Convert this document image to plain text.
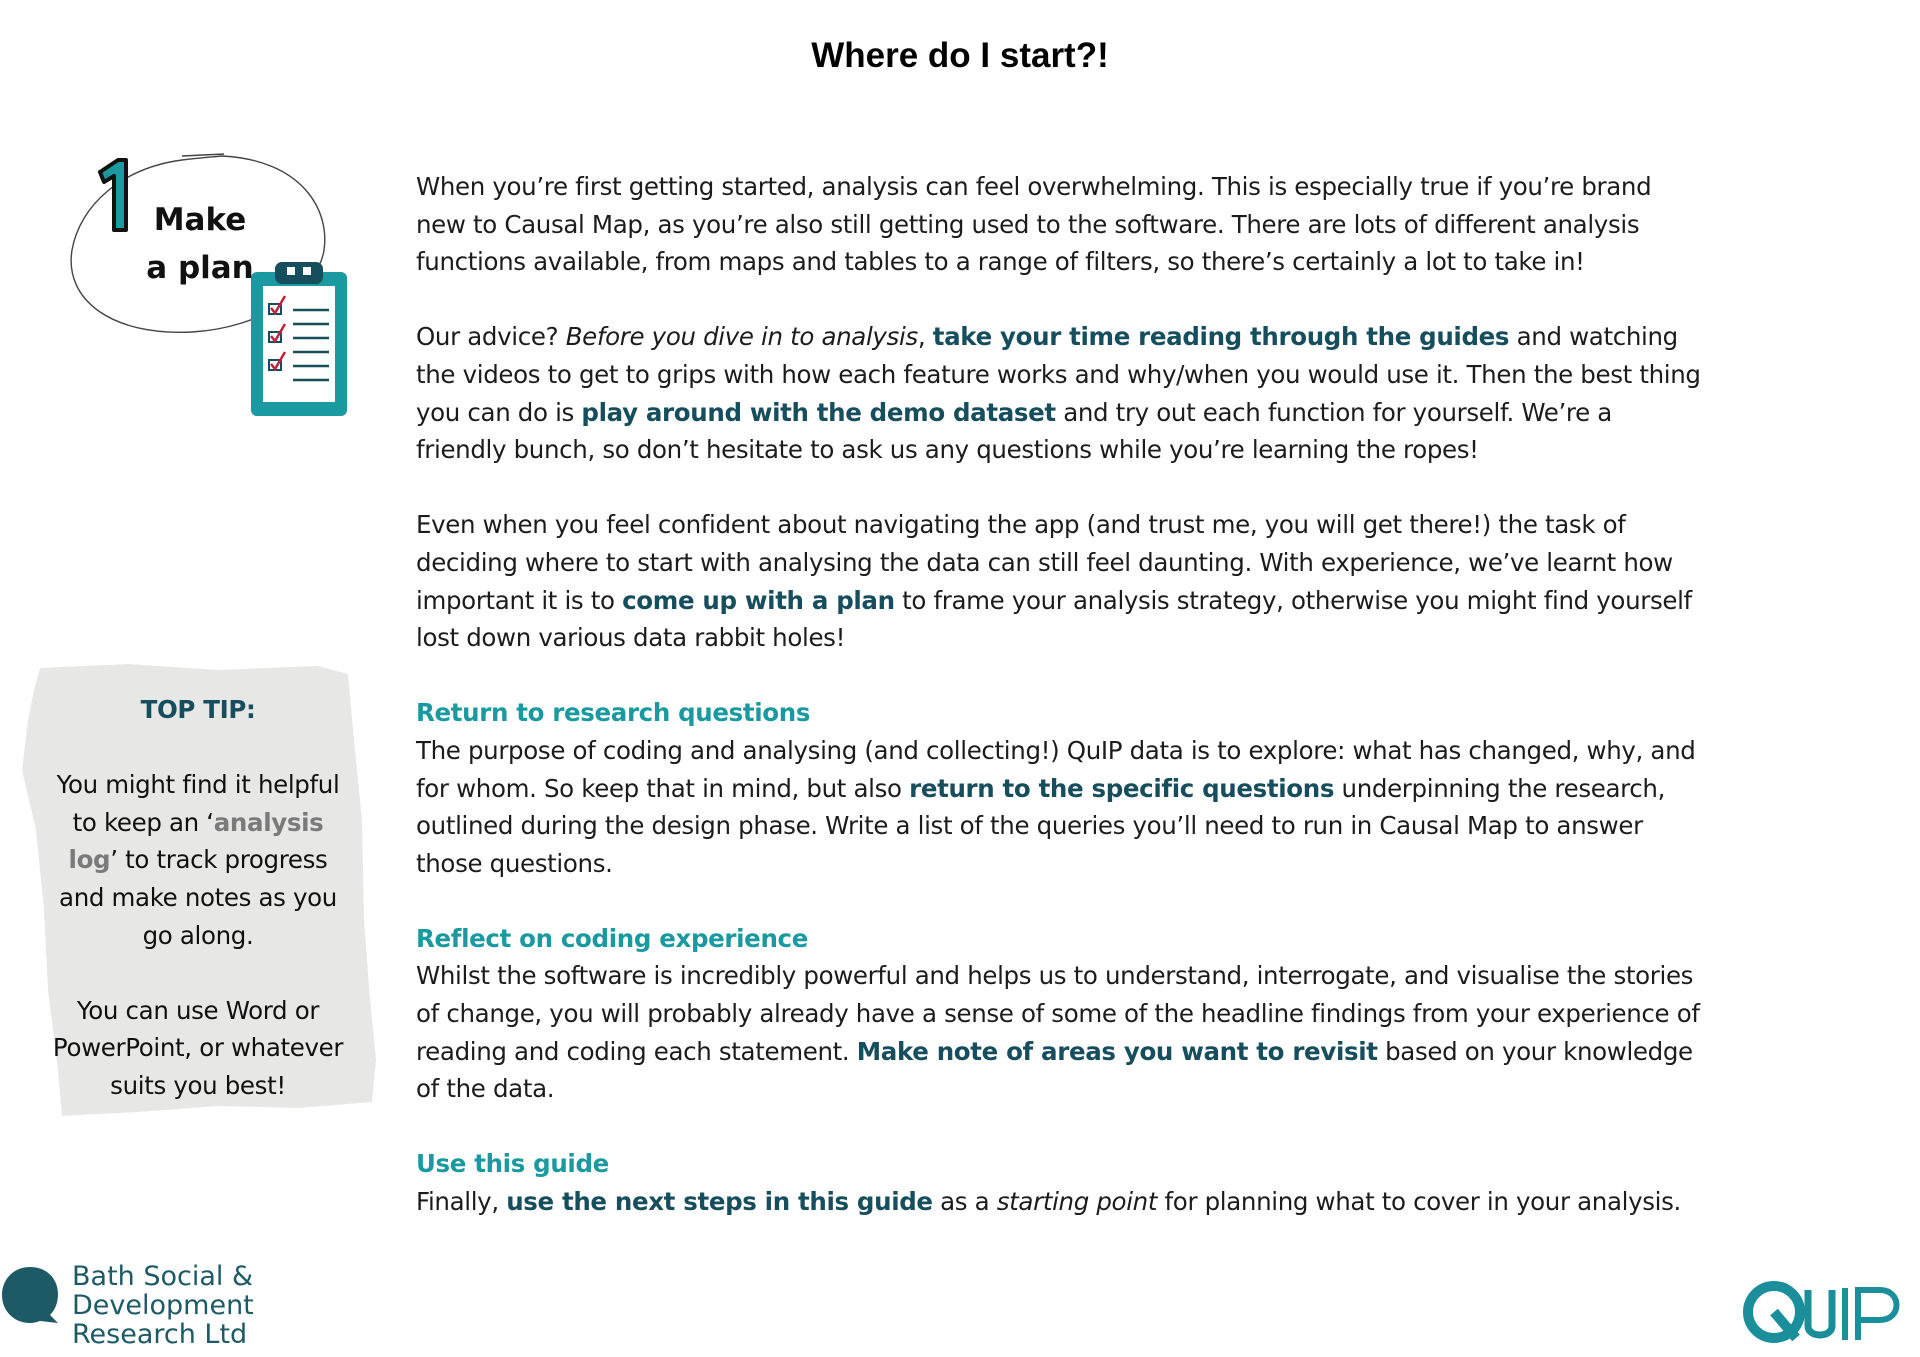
Where do I start?!
Make a plan

When you’re first getting started, analysis can feel overwhelming. This is especially true if you’re brand new to Causal Map, as you’re also still getting used to the software. There are lots of different analysis functions available, from maps and tables to a range of filters, so there’s certainly a lot to take in!

Our advice? Before you dive in to analysis, take your time reading through the guides and watching the videos to get to grips with how each feature works and why/when you would use it. Then the best thing you can do is play around with the demo dataset and try out each function for yourself. We’re a friendly bunch, so don’t hesitate to ask us any questions while you’re learning the ropes!

Even when you feel confident about navigating the app (and trust me, you will get there!) the task of deciding where to start with analysing the data can still feel daunting. With experience, we’ve learnt how important it is to come up with a plan to frame your analysis strategy, otherwise you might find yourself lost down various data rabbit holes!

Return to research questions
The purpose of coding and analysing (and collecting!) QuIP data is to explore: what has changed, why, and for whom. So keep that in mind, but also return to the specific questions underpinning the research, outlined during the design phase. Write a list of the queries you’ll need to run in Causal Map to answer those questions.
Reflect on coding experience
Whilst the software is incredibly powerful and helps us to understand, interrogate, and visualise the stories of change, you will probably already have a sense of some of the headline findings from your experience of reading and coding each statement. Make note of areas you want to revisit based on your knowledge of the data.
Use this guide
Finally, use the next steps in this guide as a starting point for planning what to cover in your analysis.
TOP TIP:

You might find it helpful to keep an ‘analysis log’ to track progress and make notes as you go along.

You can use Word or PowerPoint, or whatever suits you best!

Bath Social &
Development
Research Ltd
QuIP
